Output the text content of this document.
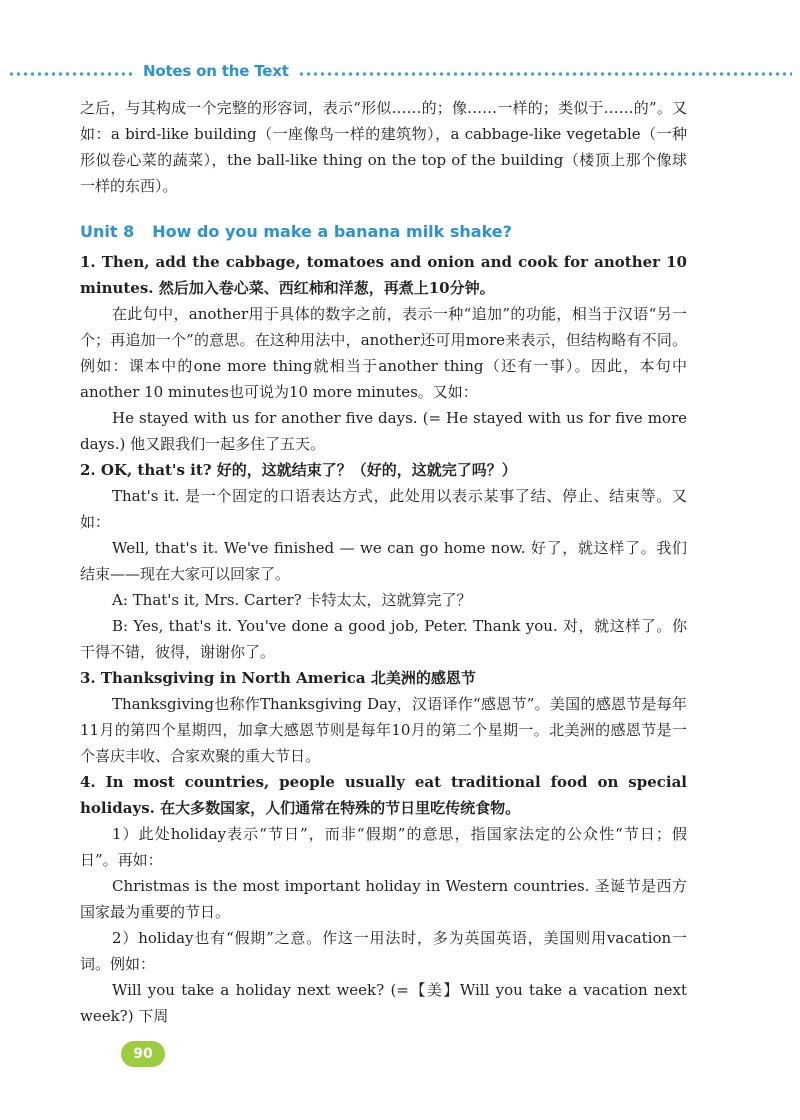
Notes on the Text

之后，与其构成一个完整的形容词，表示“形似……的；像……一样的；类似于……的”。又如：a bird-like building（一座像鸟一样的建筑物），a cabbage-like vegetable（一种形似卷心菜的蔬菜），the ball-like thing on the top of the building（楼顶上那个像球一样的东西）。

Unit 8 How do you make a banana milk shake?

1. Then, add the cabbage, tomatoes and onion and cook for another 10 minutes. 然后加入卷心菜、西红柿和洋葱，再煮上10分钟。

在此句中，another用于具体的数字之前，表示一种“追加”的功能，相当于汉语“另一个；再追加一个”的意思。在这种用法中，another还可用more来表示，但结构略有不同。例如：课本中的one more thing就相当于another thing（还有一事）。因此，本句中another 10 minutes也可说为10 more minutes。又如：

He stayed with us for another five days. (= He stayed with us for five more days.) 他又跟我们一起多住了五天。

2. OK, that's it? 好的，这就结束了？（好的，这就完了吗？）

That's it. 是一个固定的口语表达方式，此处用以表示某事了结、停止、结束等。又如：

Well, that's it. We've finished — we can go home now. 好了，就这样了。我们结束——现在大家可以回家了。

A: That's it, Mrs. Carter? 卡特太太，这就算完了？

B: Yes, that's it. You've done a good job, Peter. Thank you. 对，就这样了。你干得不错，彼得，谢谢你了。

3. Thanksgiving in North America 北美洲的感恩节

Thanksgiving也称作Thanksgiving Day，汉语译作“感恩节”。美国的感恩节是每年11月的第四个星期四，加拿大感恩节则是每年10月的第二个星期一。北美洲的感恩节是一个喜庆丰收、合家欢聚的重大节日。

4. In most countries, people usually eat traditional food on special holidays. 在大多数国家，人们通常在特殊的节日里吃传统食物。

1）此处holiday表示“节日”，而非“假期”的意思，指国家法定的公众性“节日；假日”。再如：

Christmas is the most important holiday in Western countries. 圣诞节是西方国家最为重要的节日。

2）holiday也有“假期”之意。作这一用法时，多为英国英语，美国则用vacation一词。例如：

Will you take a holiday next week? (=【美】Will you take a vacation next week?) 下周

90
